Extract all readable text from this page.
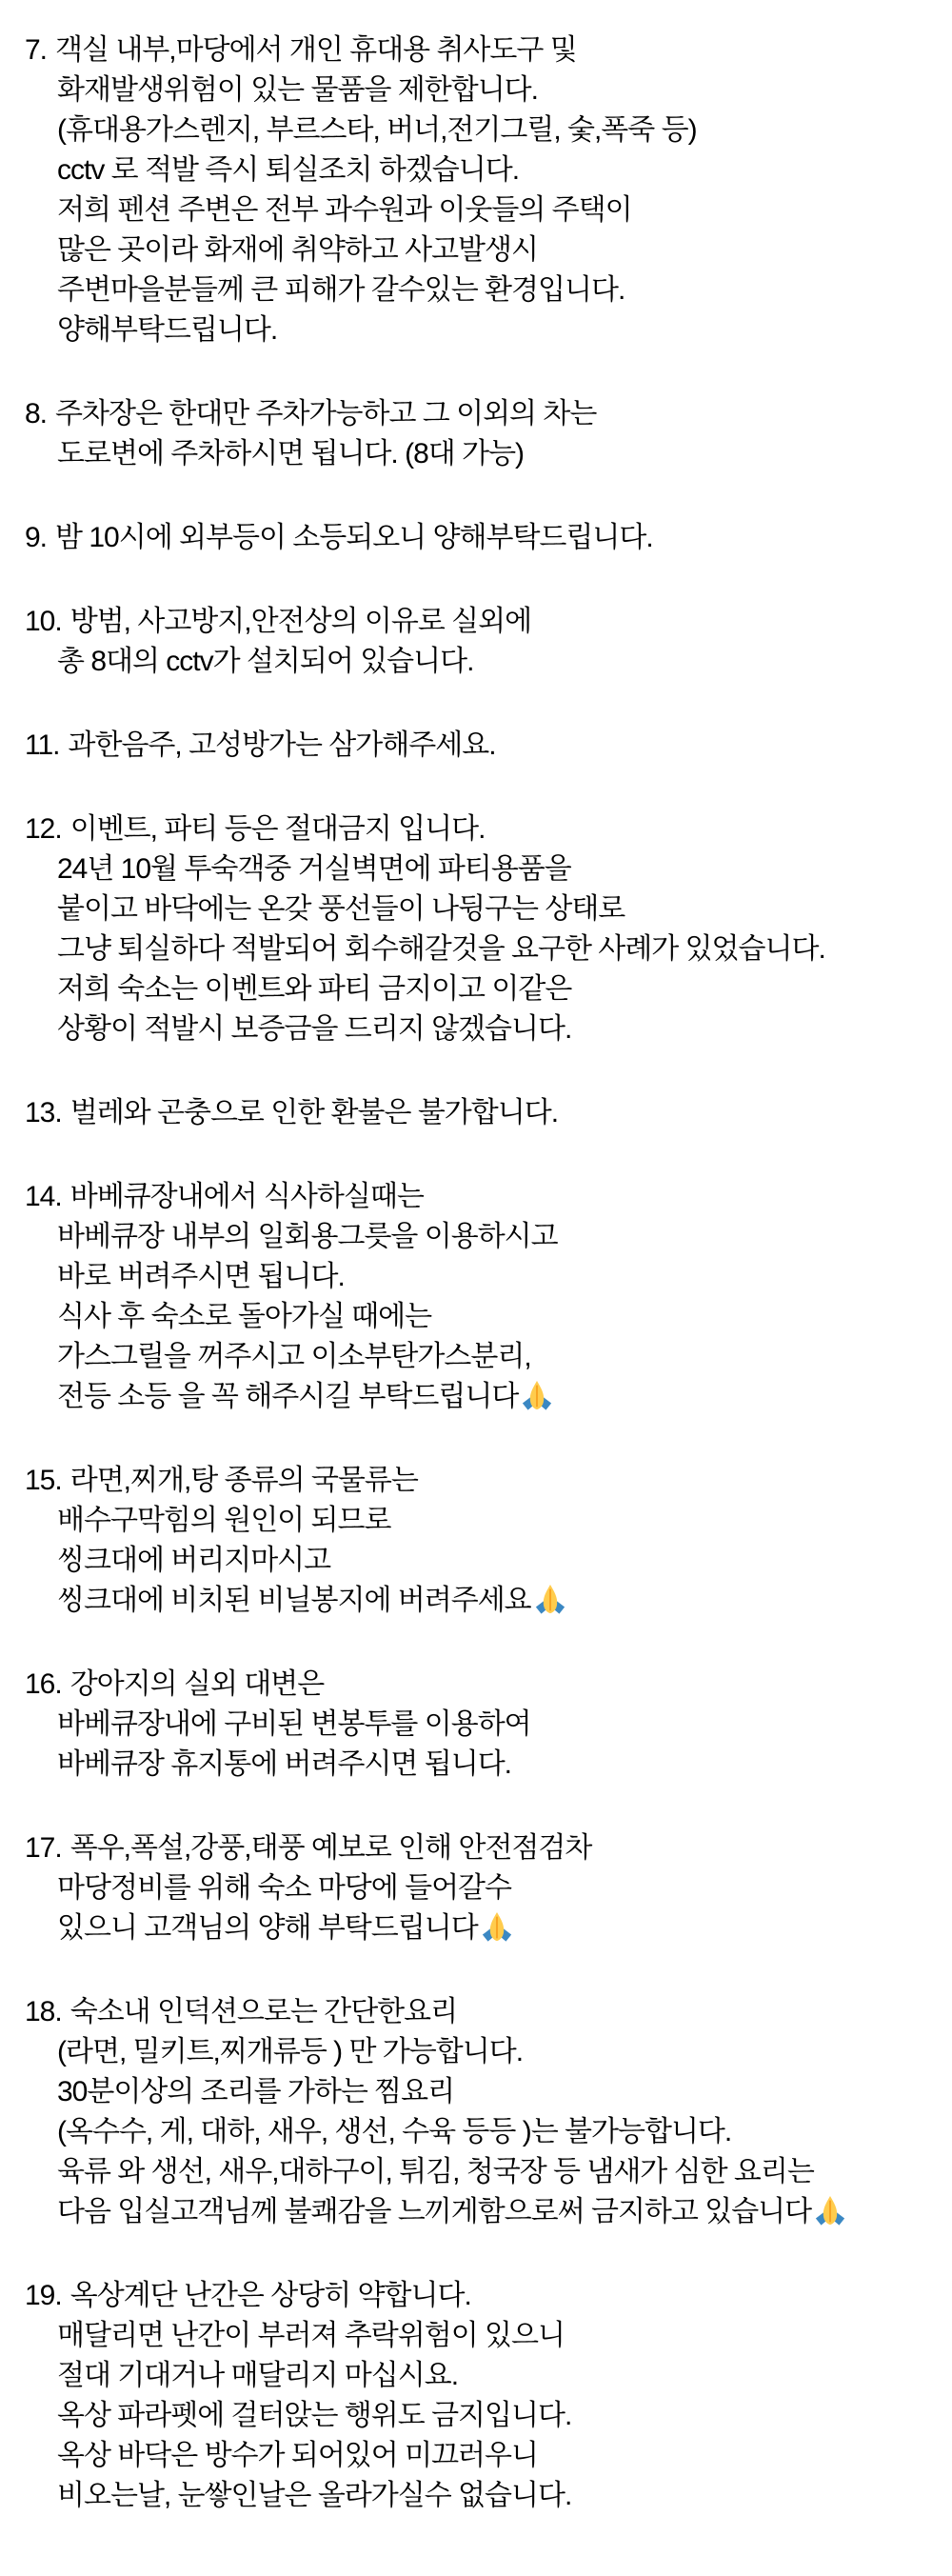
7. 객실 내부,마당에서 개인 휴대용 취사도구 및
화재발생위험이 있는 물품을 제한합니다.
(휴대용가스렌지, 부르스타, 버너,전기그릴, 숯,폭죽 등)
cctv 로 적발 즉시 퇴실조치 하겠습니다.
저희 펜션 주변은 전부 과수원과 이웃들의 주택이
많은 곳이라 화재에 취약하고 사고발생시
주변마을분들께 큰 피해가 갈수있는 환경입니다.
양해부탁드립니다.
8. 주차장은 한대만 주차가능하고 그 이외의 차는
도로변에 주차하시면 됩니다. (8대 가능)
9. 밤 10시에 외부등이 소등되오니 양해부탁드립니다.
10. 방범, 사고방지,안전상의 이유로 실외에
총 8대의 cctv가 설치되어 있습니다.
11. 과한음주, 고성방가는 삼가해주세요.
12. 이벤트, 파티 등은 절대금지 입니다.
24년 10월 투숙객중 거실벽면에 파티용품을
붙이고 바닥에는 온갖 풍선들이 나뒹구는 상태로
그냥 퇴실하다 적발되어 회수해갈것을 요구한 사례가 있었습니다.
저희 숙소는 이벤트와 파티 금지이고 이같은
상황이 적발시 보증금을 드리지 않겠습니다.
13. 벌레와 곤충으로 인한 환불은 불가합니다.
14. 바베큐장내에서 식사하실때는
바베큐장 내부의 일회용그릇을 이용하시고
바로 버려주시면 됩니다.
식사 후 숙소로 돌아가실 때에는
가스그릴을 꺼주시고 이소부탄가스분리,
전등 소등 을 꼭 해주시길 부탁드립니다
15. 라면,찌개,탕 종류의 국물류는
배수구막힘의 원인이 되므로
씽크대에 버리지마시고
씽크대에 비치된 비닐봉지에 버려주세요
16. 강아지의 실외 대변은
바베큐장내에 구비된 변봉투를 이용하여
바베큐장 휴지통에 버려주시면 됩니다.
17. 폭우,폭설,강풍,태풍 예보로 인해 안전점검차
마당정비를 위해 숙소 마당에 들어갈수
있으니 고객님의 양해 부탁드립니다
18. 숙소내 인덕션으로는 간단한요리
(라면, 밀키트,찌개류등 ) 만 가능합니다.
30분이상의 조리를 가하는 찜요리
(옥수수, 게, 대하, 새우, 생선, 수육 등등 )는 불가능합니다.
육류 와 생선, 새우,대하구이, 튀김, 청국장 등 냄새가 심한 요리는
다음 입실고객님께 불쾌감을 느끼게함으로써 금지하고 있습니다
19. 옥상계단 난간은 상당히 약합니다.
매달리면 난간이 부러져 추락위험이 있으니
절대 기대거나 매달리지 마십시요.
옥상 파라펫에 걸터앉는 행위도 금지입니다.
옥상 바닥은 방수가 되어있어 미끄러우니
비오는날, 눈쌓인날은 올라가실수 없습니다.
